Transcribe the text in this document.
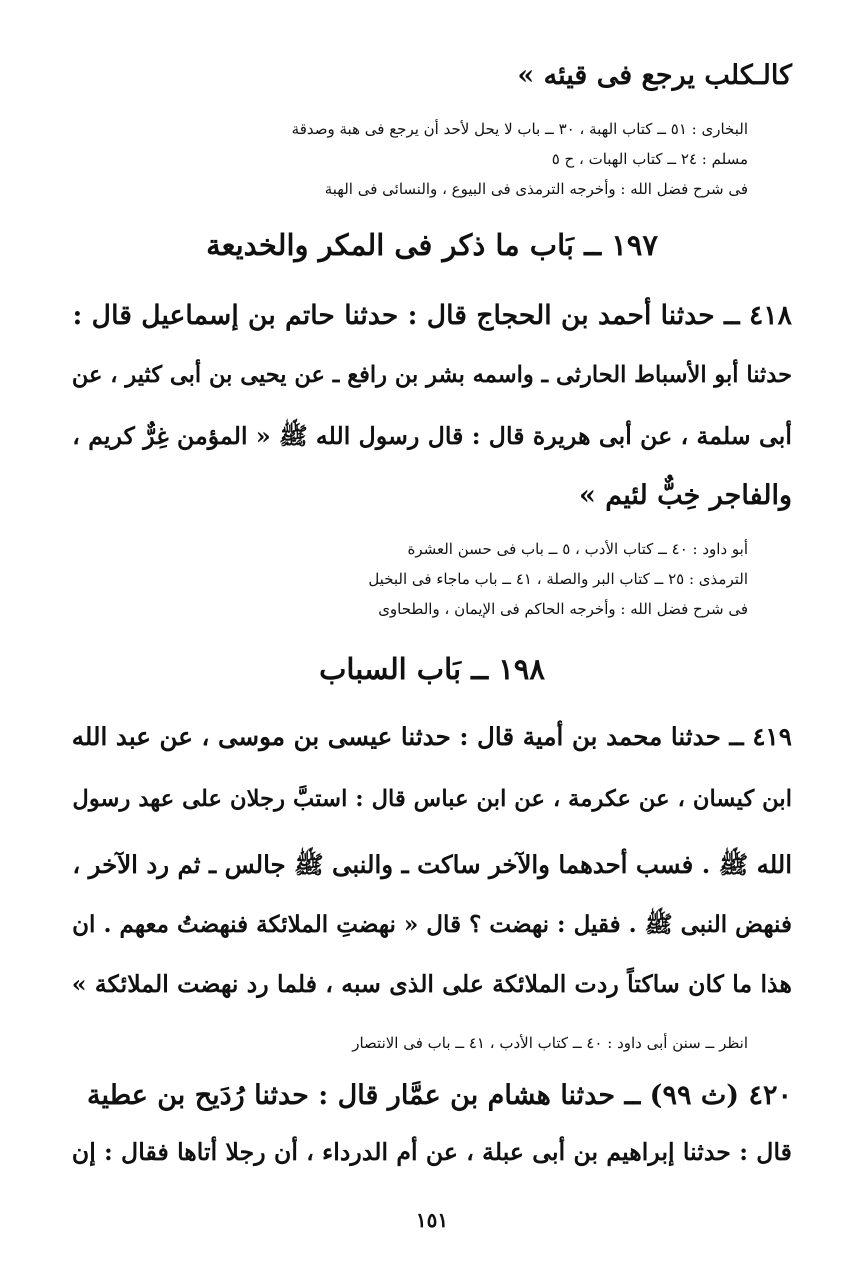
كالـكلب يرجع فى قيئه »
البخارى : ٥١ ــ كتاب الهبة ، ٣٠ ــ باب لا يحل لأحد أن يرجع فى هبة وصدقة
مسلم : ٢٤ ــ كتاب الهبات ، ح ٥
فى شرح فضل الله : وأخرجه الترمذى فى البيوع ، والنسائى فى الهبة
١٩٧ ــ بَاب ما ذكر فى المكر والخديعة
٤١٨ ــ حدثنا أحمد بن الحجاج قال : حدثنا حاتم بن إسماعيل قال :
حدثنا أبو الأسباط الحارثى ـ واسمه بشر بن رافع ـ عن يحيى بن أبى كثير ، عن
أبى سلمة ، عن أبى هريرة قال : قال رسول الله ﷺ « المؤمن غِرٌّ كريم ،
والفاجر خِبٌّ لئيم »
أبو داود : ٤٠ ــ كتاب الأدب ، ٥ ــ باب فى حسن العشرة
الترمذى : ٢٥ ــ كتاب البر والصلة ، ٤١ ــ باب ماجاء فى البخيل
فى شرح فضل الله : وأخرجه الحاكم فى الإيمان ، والطحاوى
١٩٨ ــ بَاب السباب
٤١٩ ــ حدثنا محمد بن أمية قال : حدثنا عيسى بن موسى ، عن عبد الله
ابن كيسان ، عن عكرمة ، عن ابن عباس قال : استبَّ رجلان على عهد رسول
الله ﷺ . فسب أحدهما والآخر ساكت ـ والنبى ﷺ جالس ـ ثم رد الآخر ،
فنهض النبى ﷺ . فقيل : نهضت ؟ قال « نهضتِ الملائكة فنهضتُ معهم . ان
هذا ما كان ساكتاً ردت الملائكة على الذى سبه ، فلما رد نهضت الملائكة »
انظر ــ سنن أبى داود : ٤٠ ــ كتاب الأدب ، ٤١ ــ باب فى الانتصار
٤٢٠ (ث ٩٩) ــ حدثنا هشام بن عمَّار قال : حدثنا رُدَيح بن عطية
قال : حدثنا إبراهيم بن أبى عبلة ، عن أم الدرداء ، أن رجلا أتاها فقال : إن
١٥١
